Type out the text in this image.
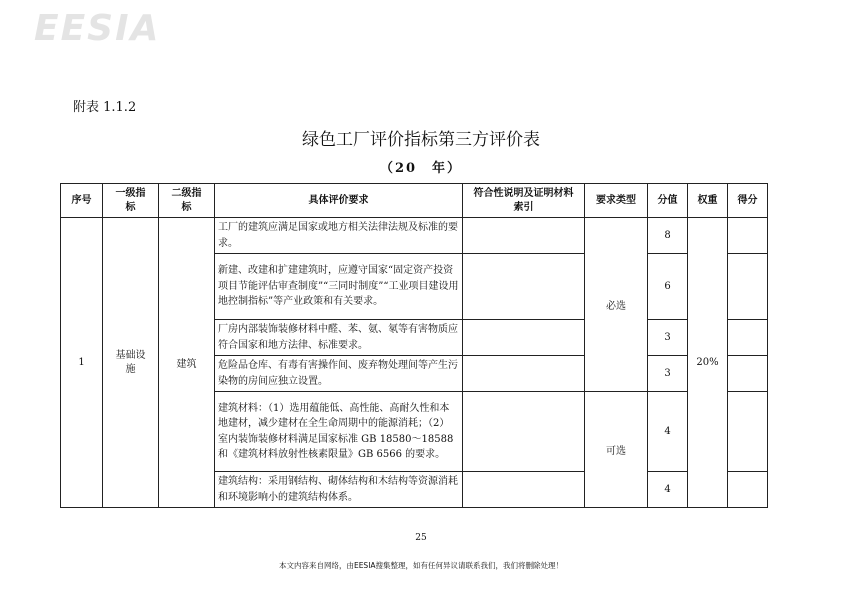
EESIA
附表 1.1.2
绿色工厂评价指标第三方评价表
（20　年）
序号	一级指标	二级指标	具体评价要求	符合性说明及证明材料索引	要求类型	分值	权重	得分
1	基础设施	建筑	工厂的建筑应满足国家或地方相关法律法规及标准的要求。		必选	8	20%	
			新建、改建和扩建建筑时，应遵守国家“固定资产投资项目节能评估审查制度”“三同时制度”“工业项目建设用地控制指标”等产业政策和有关要求。			6		
			厂房内部装饰装修材料中醛、苯、氨、氡等有害物质应符合国家和地方法律、标准要求。			3		
			危险品仓库、有毒有害操作间、废弃物处理间等产生污染物的房间应独立设置。			3		
			建筑材料：（1）选用蕴能低、高性能、高耐久性和本地建材，减少建材在全生命周期中的能源消耗；（2）室内装饰装修材料满足国家标准 GB 18580～18588 和《建筑材料放射性核素限量》GB 6566 的要求。		可选	4		
			建筑结构：采用钢结构、砌体结构和木结构等资源消耗和环境影响小的建筑结构体系。			4		
25
本文内容来自网络，由EESIA搜集整理，如有任何异议请联系我们，我们将删除处理！
